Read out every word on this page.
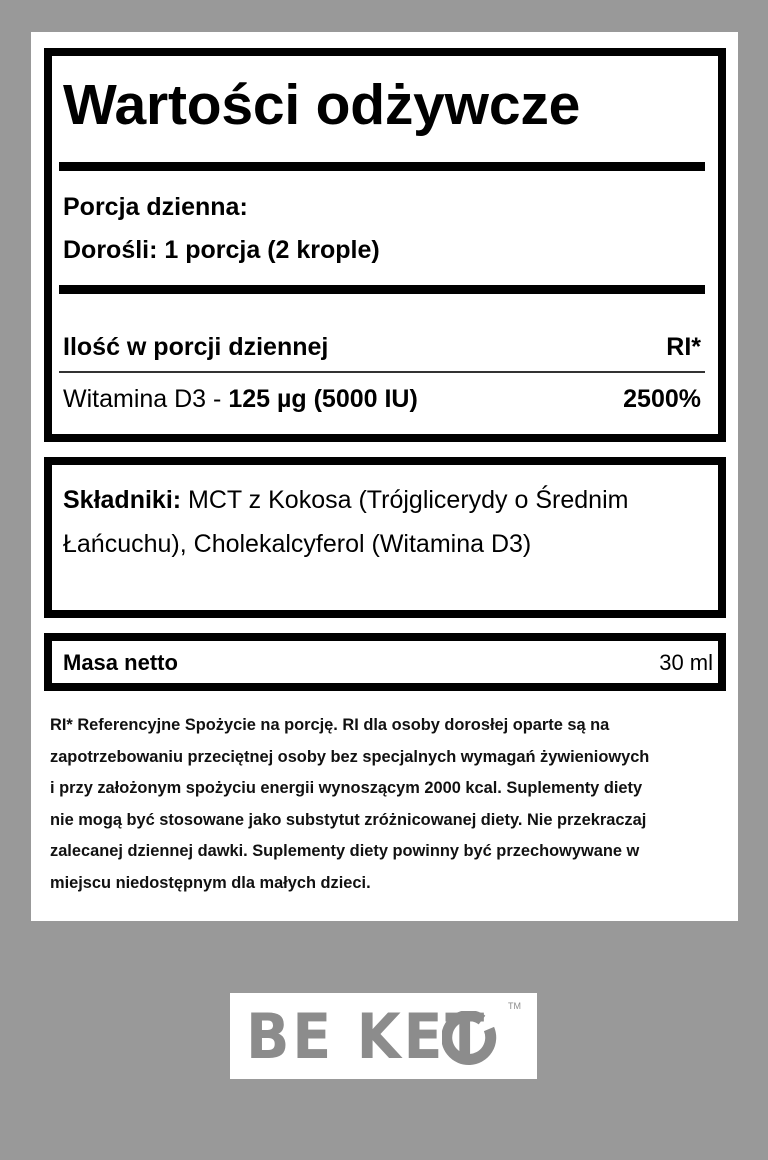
Wartości odżywcze
Porcja dzienna:
Dorośli: 1 porcja (2 krople)
Ilość w porcji dziennej	RI*
Witamina D3 - 125 µg (5000 IU)	2500%
Składniki: MCT z Kokosa (Trójglicerydy o Średnim Łańcuchu), Cholekalcyferol (Witamina D3)
Masa netto	30 ml

RI* Referencyjne Spożycie na porcję. RI dla osoby dorosłej oparte są na

zapotrzebowaniu przeciętnej osoby bez specjalnych wymagań żywieniowych

i przy założonym spożyciu energii wynoszącym 2000 kcal. Suplementy diety

nie mogą być stosowane jako substytut zróżnicowanej diety. Nie przekraczaj

zalecanej dziennej dawki. Suplementy diety powinny być przechowywane w

miejscu niedostępnym dla małych dzieci.

BE KET TM
